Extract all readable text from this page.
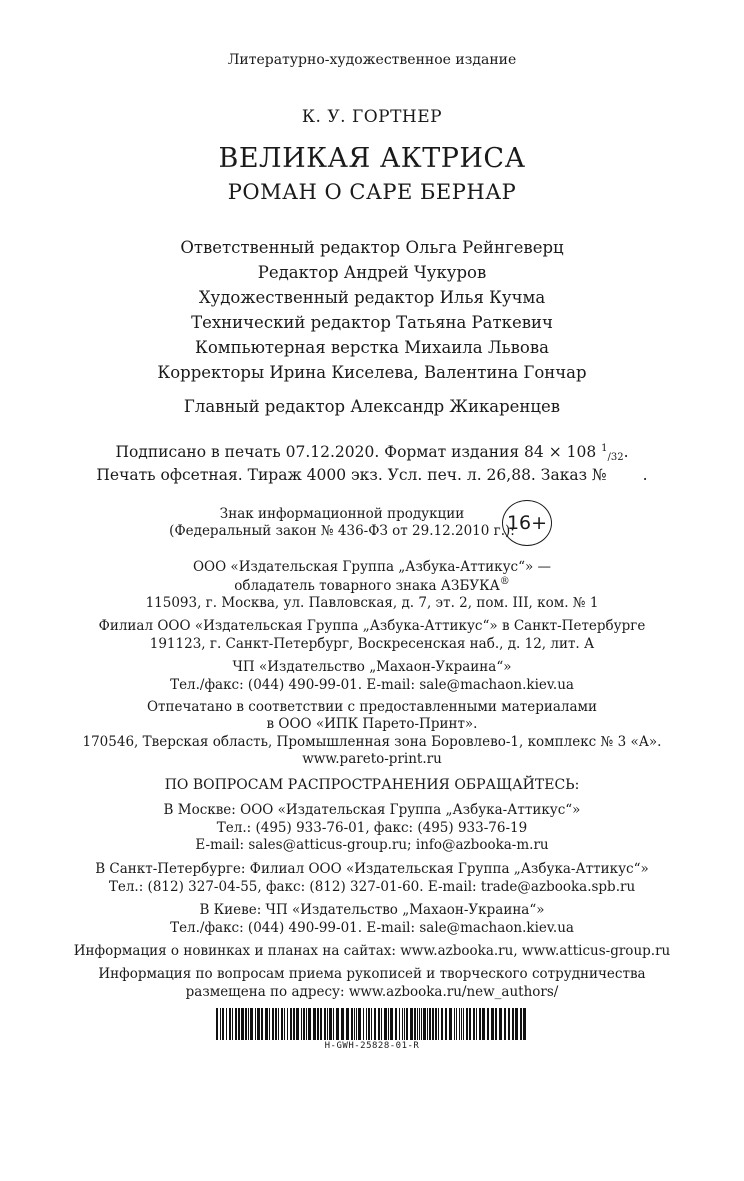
Литературно-художественное издание
К. У. ГОРТНЕР
ВЕЛИКАЯ АКТРИСА
РОМАН О САРЕ БЕРНАР
Ответственный редактор Ольга Рейнгеверц
Редактор Андрей Чукуров
Художественный редактор Илья Кучма
Технический редактор Татьяна Раткевич
Компьютерная верстка Михаила Львова
Корректоры Ирина Киселева, Валентина Гончар
Главный редактор Александр Жикаренцев
Подписано в печать 07.12.2020. Формат издания 84 × 108 1/32.
Печать офсетная. Тираж 4000 экз. Усл. печ. л. 26,88. Заказ № .
Знак информационной продукции
(Федеральный закон № 436-ФЗ от 29.12.2010 г.):
16+
ООО «Издательская Группа „Азбука-Аттикус“» —
обладатель товарного знака АЗБУКА®
115093, г. Москва, ул. Павловская, д. 7, эт. 2, пом. III, ком. № 1
Филиал ООО «Издательская Группа „Азбука-Аттикус“» в Санкт-Петербурге
191123, г. Санкт-Петербург, Воскресенская наб., д. 12, лит. А
ЧП «Издательство „Махаон-Украина“»
Тел./факс: (044) 490-99-01. E-mail: sale@machaon.kiev.ua
Отпечатано в соответствии с предоставленными материалами
в ООО «ИПК Парето-Принт».
170546, Тверская область, Промышленная зона Боровлево-1, комплекс № 3 «А».
www.pareto-print.ru
ПО ВОПРОСАМ РАСПРОСТРАНЕНИЯ ОБРАЩАЙТЕСЬ:
В Москве: ООО «Издательская Группа „Азбука-Аттикус“»
Тел.: (495) 933-76-01, факс: (495) 933-76-19
E-mail: sales@atticus-group.ru; info@azbooka-m.ru
В Санкт-Петербурге: Филиал ООО «Издательская Группа „Азбука-Аттикус“»
Тел.: (812) 327-04-55, факс: (812) 327-01-60. E-mail: trade@azbooka.spb.ru
В Киеве: ЧП «Издательство „Махаон-Украина“»
Тел./факс: (044) 490-99-01. E-mail: sale@machaon.kiev.ua
Информация о новинках и планах на сайтах: www.azbooka.ru, www.atticus-group.ru
Информация по вопросам приема рукописей и творческого сотрудничества
размещена по адресу: www.azbooka.ru/new_authors/
H-GWH-25828-01-R
